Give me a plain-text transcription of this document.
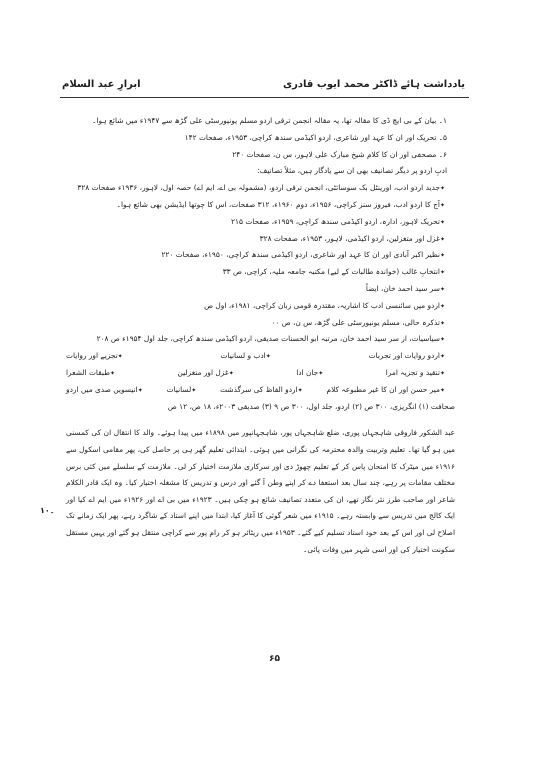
ابرارِ عبد السلام	یادداشت ہائے ڈاکٹر محمد ایوب قادری
۱۔ بیان کے بی ایچ ڈی کا مقالہ تھا، یہ مقالہ انجمن ترقی اردو مسلم یونیورسٹی علی گڑھ سے ۱۹۴۷ء میں شائع ہوا۔
۵۔ تحریک اور ان کا عہد اور شاعری، اردو اکیڈمی سندھ کراچی، ۱۹۵۳ء، صفحات ۱۴۲
۶۔ مصحفی اور ان کا کلام شیخ مبارک علی لاہور، س ن، صفحات ۲۴۰
ادبِ اردو پر دیگر تصانیف بھی ان سے یادگار ہیں، مثلاً تصانیف:
✦ جدید اردو ادب، اورینٹل بک سوسائٹی، انجمن ترقی اردو، (مشمولہ بی اے، ایم اے) حصہ اول، لاہور، ۱۹۳۶ء صفحات ۳۲۸
✦ آج کا اردو ادب، فیروز سنز کراچی، ۱۹۵۶ء، دوم ۱۹۶۰ء، ۳۱۲ صفحات، اس کا چوتھا ایڈیشن بھی شائع ہوا۔
✦ تحریک لاہور، ادارہ، اردو اکیڈمی سندھ کراچی، ۱۹۵۹ء، صفحات ۲۱۵
✦ غزل اور متغزلین، اردو اکیڈمی، لاہور، ۱۹۵۳ء، صفحات ۳۲۸
✦ نظیر اکبر آبادی اور ان کا عہد اور شاعری، اردو اکیڈمی سندھ کراچی، ۱۹۵۰ء، صفحات ۲۲۰
✦ انتخابِ غالب (خواندہ طالبات کے لیے) مکتبہ جامعہ ملیہ، کراچی، ص ۳۳
✦ سر سید احمد خان، ایضاً
✦ اردو میں سائنسی ادب کا اشاریہ، مقتدرہ قومی زبان کراچی، ۱۹۸۱ء، اول ص
✦ تذکرہ حالی، مسلم یونیورسٹی علی گڑھ، س ن، ص ۰۰
✦ سیاسیات، از سر سید احمد خان، مرتبہ ابو الحسنات صدیقی، اردو اکیڈمی سندھ کراچی، جلد اول ۱۹۵۴ء ص ۲۰۸
✦ اردو روایات اور تجربات
✦ ادب و لسانیات
✦ تجزیے اور روایات
✦ تنقید و تجزیہ امرا
✦ جان ادا
✦ غزل اور متغزلین
✦ طبقات الشعرا
✦ میر حسن اور ان کا غیر مطبوعہ کلام
✦ اردو الفاظ کی سرگذشت
✦ لسانیات
✦ انیسویں صدی میں اردو
صحافت (۱) انگریزی، ۳۰۰ ص (۲) اردو، جلد اول، ۳۰۰ ص ۹ (۳) صدیقی ۲۰۰۳ء، ۱۸ ص، ۱۲ ص
عبد الشکور فاروقی شاہجہاں پوری، ضلع شاہجہاں پور، شاہجہانپور میں ۱۸۹۸ء میں پیدا ہوئے۔ والد کا انتقال ان کی کمسنی میں ہو گیا تھا۔ تعلیم وتربیت والدہ محترمہ کی نگرانی میں ہوئی۔ ابتدائی تعلیم گھر ہی پر حاصل کی، پھر مقامی اسکول سے ۱۹۱۶ء میں میٹرک کا امتحان پاس کر کے تعلیم چھوڑ دی اور سرکاری ملازمت اختیار کر لی۔ ملازمت کے سلسلے میں کئی برس مختلف مقامات پر رہے، چند سال بعد استعفا دے کر اپنے وطن آ گئے اور درس و تدریس کا مشغلہ اختیار کیا۔ وہ ایک قادر الکلام شاعر اور صاحب طرز نثر نگار تھے، ان کی متعدد تصانیف شائع ہو چکی ہیں۔ ۱۹۲۳ء میں بی اے اور ۱۹۲۶ء میں ایم اے کیا اور ایک کالج میں تدریس سے وابستہ رہے۔ ۱۹۱۵ء میں شعر گوئی کا آغاز کیا، ابتدا میں اپنے استاد کے شاگرد رہے، پھر ایک زمانے تک اصلاح لی اور اس کے بعد خود استاد تسلیم کیے گئے۔ ۱۹۵۳ء میں ریٹائر ہو کر رام پور سے کراچی منتقل ہو گئے اور یہیں مستقل سکونت اختیار کی اور اسی شہر میں وفات پائی۔
۱۰۔
۶۵
